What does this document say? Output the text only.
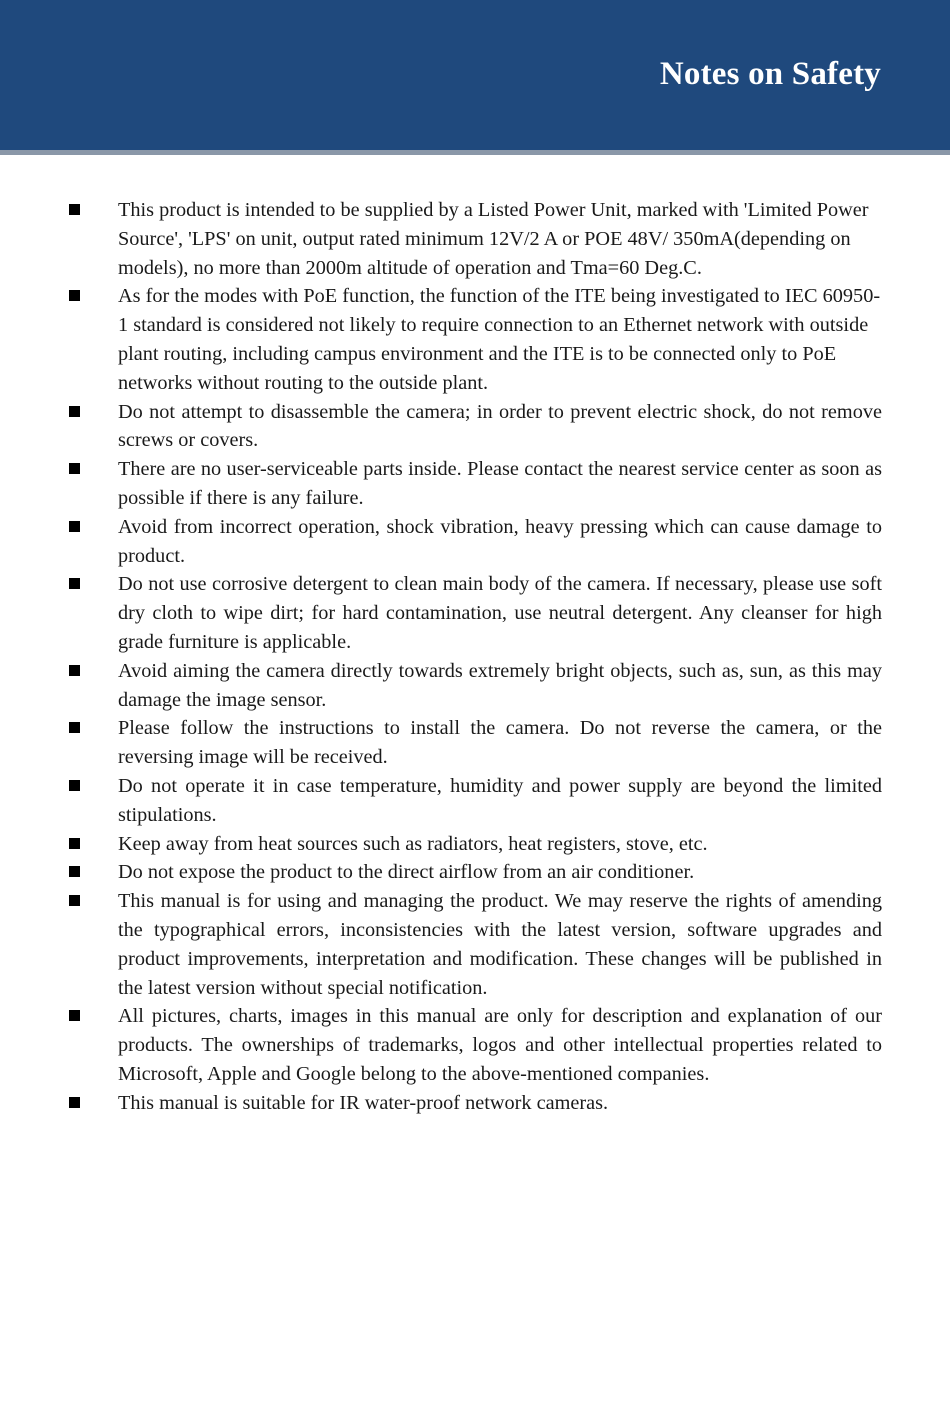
Notes on Safety
This product is intended to be supplied by a Listed Power Unit, marked with 'Limited Power Source', 'LPS' on unit, output rated minimum 12V/2 A or POE 48V/ 350mA(depending on models), no more than 2000m altitude of operation and Tma=60 Deg.C.
As for the modes with PoE function, the function of the ITE being investigated to IEC 60950-1 standard is considered not likely to require connection to an Ethernet network with outside plant routing, including campus environment and the ITE is to be connected only to PoE networks without routing to the outside plant.
Do not attempt to disassemble the camera; in order to prevent electric shock, do not remove screws or covers.
There are no user-serviceable parts inside. Please contact the nearest service center as soon as possible if there is any failure.
Avoid from incorrect operation, shock vibration, heavy pressing which can cause damage to product.
Do not use corrosive detergent to clean main body of the camera. If necessary, please use soft dry cloth to wipe dirt; for hard contamination, use neutral detergent. Any cleanser for high grade furniture is applicable.
Avoid aiming the camera directly towards extremely bright objects, such as, sun, as this may damage the image sensor.
Please follow the instructions to install the camera. Do not reverse the camera, or the reversing image will be received.
Do not operate it in case temperature, humidity and power supply are beyond the limited stipulations.
Keep away from heat sources such as radiators, heat registers, stove, etc.
Do not expose the product to the direct airflow from an air conditioner.
This manual is for using and managing the product. We may reserve the rights of amending the typographical errors, inconsistencies with the latest version, software upgrades and product improvements, interpretation and modification. These changes will be published in the latest version without special notification.
All pictures, charts, images in this manual are only for description and explanation of our products. The ownerships of trademarks, logos and other intellectual properties related to Microsoft, Apple and Google belong to the above-mentioned companies.
This manual is suitable for IR water-proof network cameras.
